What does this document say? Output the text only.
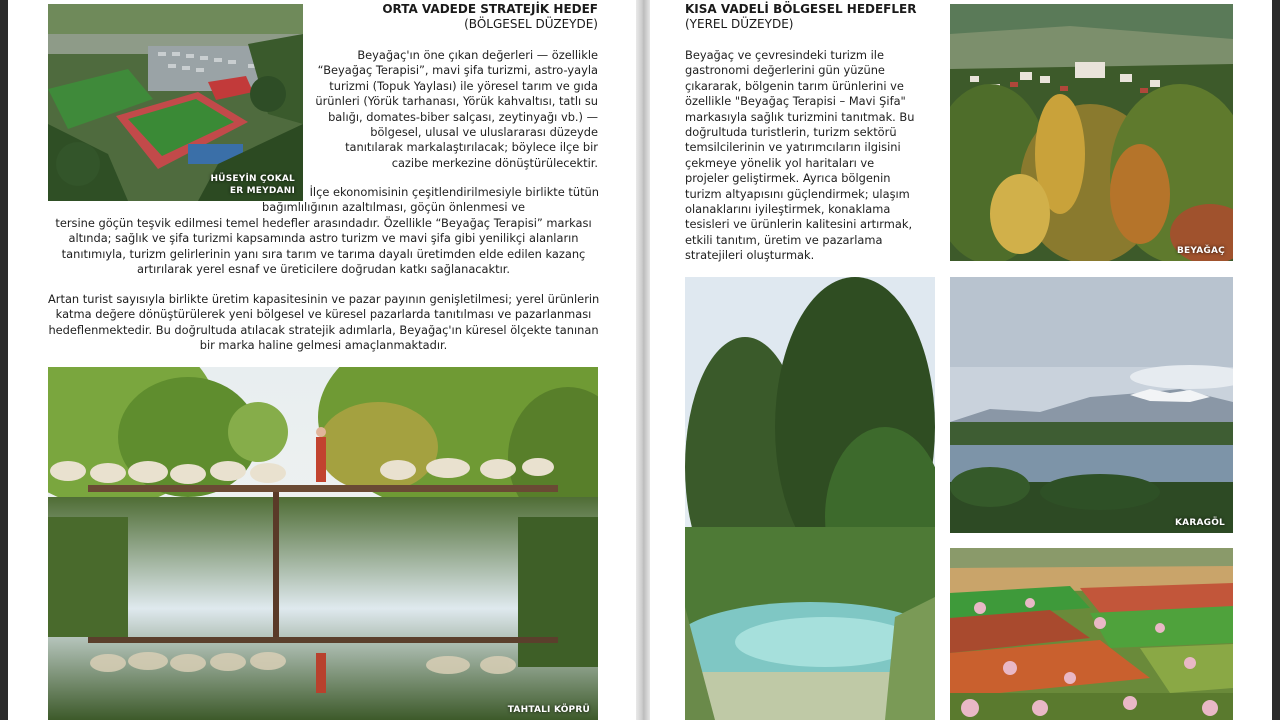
HÜSEYİN ÇOKAL
ER MEYDANI
ORTA VADEDE STRATEJİK HEDEF
(BÖLGESEL DÜZEYDE)
Beyağaç'ın öne çıkan değerleri — özellikle
“Beyağaç Terapisi”, mavi şifa turizmi, astro-yayla
turizmi (Topuk Yaylası) ile yöresel tarım ve gıda
ürünleri (Yörük tarhanası, Yörük kahvaltısı, tatlı su
balığı, domates-biber salçası, zeytinyağı vb.) —
bölgesel, ulusal ve uluslararası düzeyde
tanıtılarak markalaştırılacak; böylece ilçe bir
cazibe merkezine dönüştürülecektir.
İlçe ekonomisinin çeşitlendirilmesiyle birlikte tütün
bağımlılığının azaltılması, göçün önlenmesi ve
tersine göçün teşvik edilmesi temel hedefler arasındadır. Özellikle “Beyağaç Terapisi” markası
altında; sağlık ve şifa turizmi kapsamında astro turizm ve mavi şifa gibi yenilikçi alanların
tanıtımıyla, turizm gelirlerinin yanı sıra tarım ve tarıma dayalı üretimden elde edilen kazanç
artırılarak yerel esnaf ve üreticilere doğrudan katkı sağlanacaktır.
Artan turist sayısıyla birlikte üretim kapasitesinin ve pazar payının genişletilmesi; yerel ürünlerin
katma değere dönüştürülerek yeni bölgesel ve küresel pazarlarda tanıtılması ve pazarlanması
hedeflenmektedir. Bu doğrultuda atılacak stratejik adımlarla, Beyağaç'ın küresel ölçekte tanınan
bir marka haline gelmesi amaçlanmaktadır.
TAHTALI KÖPRÜ
KISA VADELİ BÖLGESEL HEDEFLER
(YEREL DÜZEYDE)
Beyağaç ve çevresindeki turizm ile
gastronomi değerlerini gün yüzüne
çıkararak, bölgenin tarım ürünlerini ve
özellikle "Beyağaç Terapisi – Mavi Şifa"
markasıyla sağlık turizmini tanıtmak. Bu
doğrultuda turistlerin, turizm sektörü
temsilcilerinin ve yatırımcıların ilgisini
çekmeye yönelik yol haritaları ve
projeler geliştirmek. Ayrıca bölgenin
turizm altyapısını güçlendirmek; ulaşım
olanaklarını iyileştirmek, konaklama
tesisleri ve ürünlerin kalitesini artırmak,
etkili tanıtım, üretim ve pazarlama
stratejileri oluşturmak.	BEYAĞAÇ
KARAGÖL
